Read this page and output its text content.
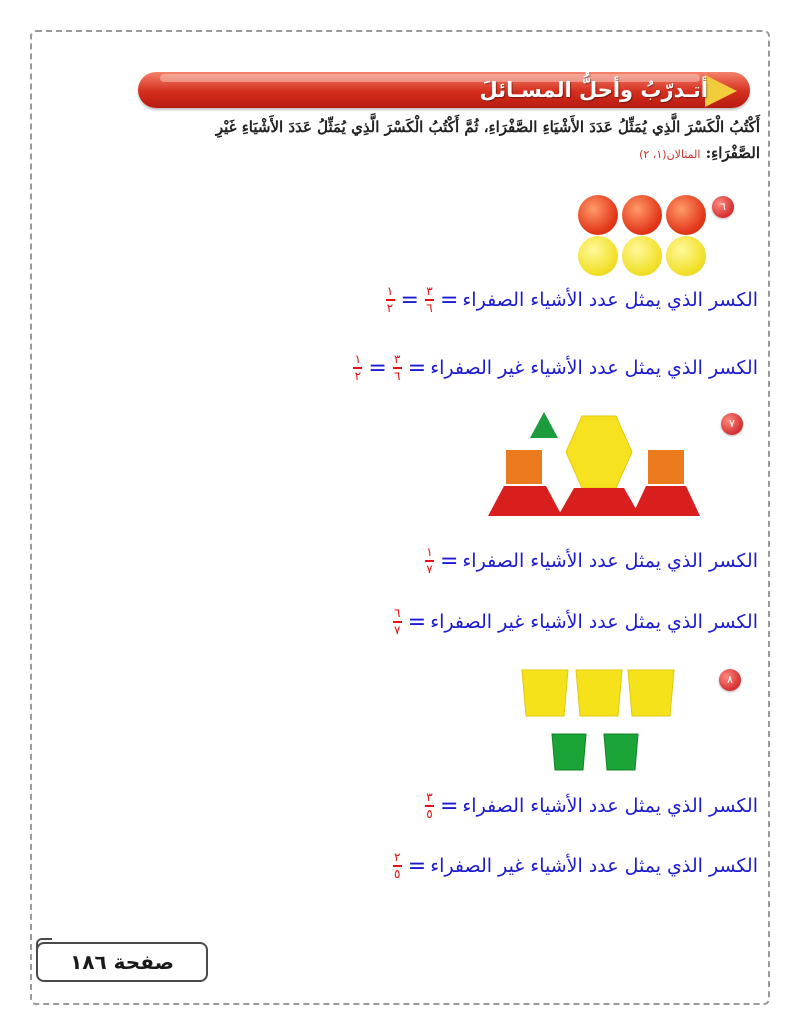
أتـدرّبُ وأحلُّ المسـائلَ
أَكْتُبُ الْكَسْرَ الَّذِي يُمَثِّلُ عَدَدَ الأَشْيَاءِ الصَّفْرَاءِ، ثُمَّ أَكْتُبُ الْكَسْرَ الَّذِي يُمَثِّلُ عَدَدَ الأَشْيَاءِ غَيْرِ الصَّفْرَاءِ: المثالان(١، ٢)
٦
الكسر الذي يمثل عدد الأشياء الصفراء
=
$\frac{٣}{٦}$
=
$\frac{١}{٢}$
الكسر الذي يمثل عدد الأشياء غير الصفراء
=
$\frac{٣}{٦}$
=
$\frac{١}{٢}$
٧
الكسر الذي يمثل عدد الأشياء الصفراء
=
$\frac{١}{٧}$
الكسر الذي يمثل عدد الأشياء غير الصفراء
=
$\frac{٦}{٧}$
٨
الكسر الذي يمثل عدد الأشياء الصفراء
=
$\frac{٣}{٥}$
الكسر الذي يمثل عدد الأشياء غير الصفراء
=
$\frac{٢}{٥}$
صفحة ١٨٦
